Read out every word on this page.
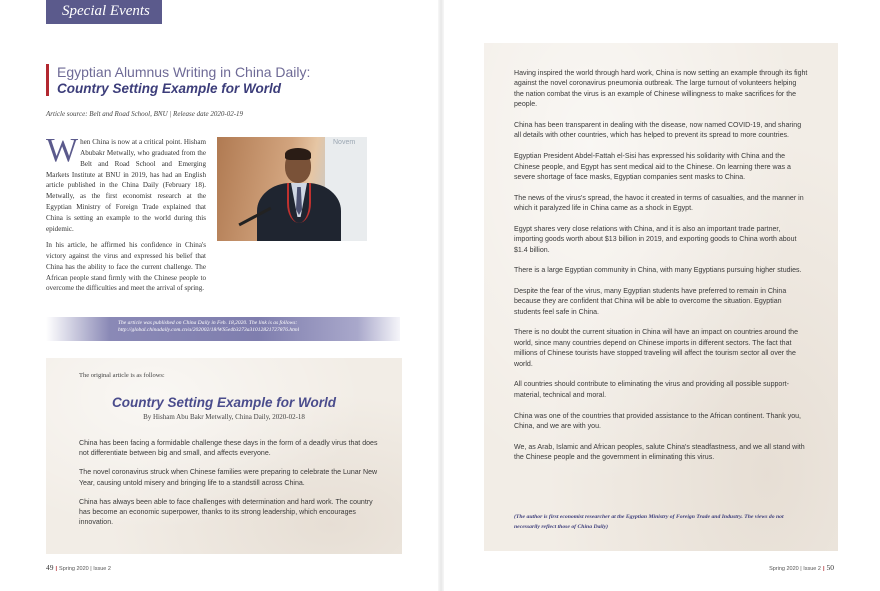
Special Events
Egyptian Alumnus Writing in China Daily:
Country Setting Example for World
Article source: Belt and Road School, BNU | Release date 2020-02-19

When China is now at a critical point. Hisham Abubakr Metwally, who graduated from the Belt and Road School and Emerging Markets Institute at BNU in 2019, has had an English article published in the China Daily (February 18). Metwally, as the first economist research at the Egyptian Ministry of Foreign Trade explained that China is setting an example to the world during this epidemic.

Novem
In his article, he affirmed his confidence in China's victory against the virus and expressed his belief that China has the ability to face the current challenge. The African people stand firmly with the Chinese people to overcome the difficulties and meet the arrival of spring.
The article was published on China Daily in Feb. 18,2020. The link is as follows:
http://global.chinadaily.com.cn/a/202002/18/WS5e4b3273a31012821727876.html
The original article is as follows:
Country Setting Example for World
By Hisham Abu Bakr Metwally, China Daily, 2020-02-18

China has been facing a formidable challenge these days in the form of a deadly virus that does not differentiate between big and small, and affects everyone.

The novel coronavirus struck when Chinese families were preparing to celebrate the Lunar New Year, causing untold misery and bringing life to a standstill across China.

China has always been able to face challenges with determination and hard work. The country has become an economic superpower, thanks to its strong leadership, which encourages innovation.

49 | Spring 2020 | Issue 2

Having inspired the world through hard work, China is now setting an example through its fight against the novel coronavirus pneumonia outbreak. The large turnout of volunteers helping the nation combat the virus is an example of Chinese willingness to make sacrifices for the people.

China has been transparent in dealing with the disease, now named COVID-19, and sharing all details with other countries, which has helped to prevent its spread to more countries.

Egyptian President Abdel-Fattah el-Sisi has expressed his solidarity with China and the Chinese people, and Egypt has sent medical aid to the Chinese. On learning there was a severe shortage of face masks, Egyptian companies sent masks to China.

The news of the virus's spread, the havoc it created in terms of casualties, and the manner in which it paralyzed life in China came as a shock in Egypt.

Egypt shares very close relations with China, and it is also an important trade partner, importing goods worth about $13 billion in 2019, and exporting goods to China worth about $1.4 billion.

There is a large Egyptian community in China, with many Egyptians pursuing higher studies.

Despite the fear of the virus, many Egyptian students have preferred to remain in China because they are confident that China will be able to overcome the situation. Egyptian students feel safe in China.

There is no doubt the current situation in China will have an impact on countries around the world, since many countries depend on Chinese imports in different sectors. The fact that millions of Chinese tourists have stopped traveling will affect the tourism sector all over the world.

All countries should contribute to eliminating the virus and providing all possible support-material, technical and moral.

China was one of the countries that provided assistance to the African continent. Thank you, China, and we are with you.

We, as Arab, Islamic and African peoples, salute China's steadfastness, and we all stand with the Chinese people and the government in eliminating this virus.

(The author is first economist researcher at the Egyptian Ministry of Foreign Trade and Industry. The views do not necessarily reflect those of China Daily)
Spring 2020 | Issue 2 | 50
